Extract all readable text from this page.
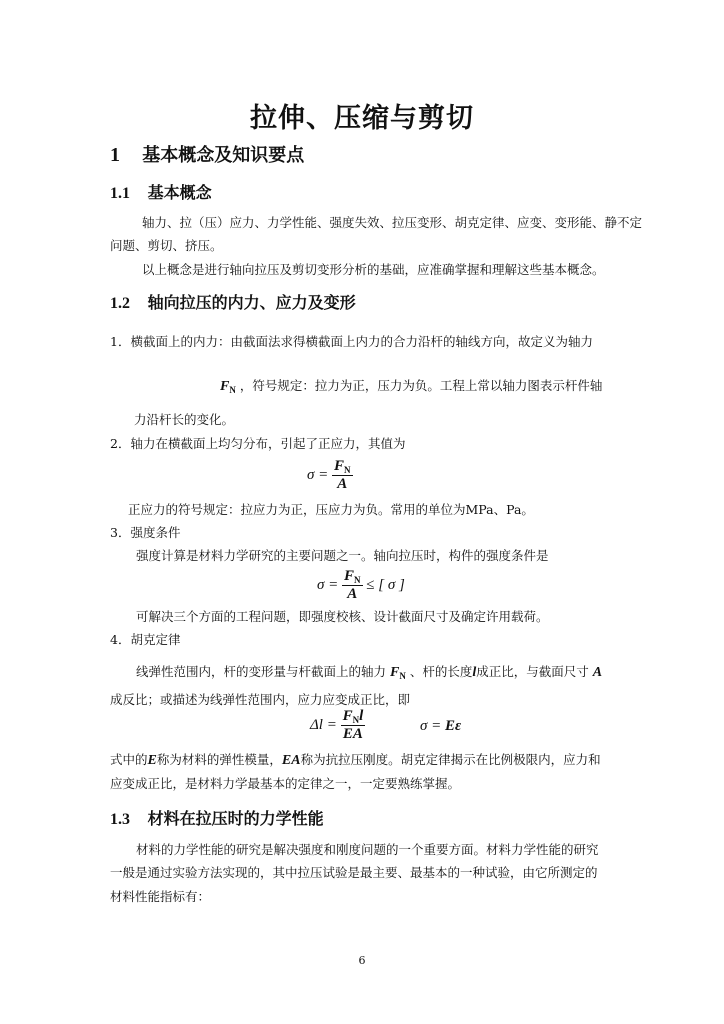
拉伸、压缩与剪切
1 基本概念及知识要点
1.1 基本概念
轴力、拉（压）应力、力学性能、强度失效、拉压变形、胡克定律、应变、变形能、静不定
问题、剪切、挤压。
以上概念是进行轴向拉压及剪切变形分析的基础，应准确掌握和理解这些基本概念。
1.2 轴向拉压的内力、应力及变形
1．横截面上的内力：由截面法求得横截面上内力的合力沿杆的轴线方向，故定义为轴力
$F_N$ ，符号规定：拉力为正，压力为负。工程上常以轴力图表示杆件轴
力沿杆长的变化。
2．轴力在横截面上均匀分布，引起了正应力，其值为
$\sigma = \frac{F_N}{A}$
正应力的符号规定：拉应力为正，压应力为负。常用的单位为MPa、Pa。
3．强度条件
强度计算是材料力学研究的主要问题之一。轴向拉压时，构件的强度条件是
$\sigma = \frac{F_N}{A}$ ≤ [ σ ]
可解决三个方面的工程问题，即强度校核、设计截面尺寸及确定许用载荷。
4．胡克定律
线弹性范围内，杆的变形量与杆截面上的轴力 $F_N$ 、杆的长度l成正比，与截面尺寸 A
成反比；或描述为线弹性范围内，应力应变成正比，即
$\Delta l = \frac{F_Nl}{EA}$	σ = Eε
式中的E称为材料的弹性模量，EA称为抗拉压刚度。胡克定律揭示在比例极限内，应力和
应变成正比，是材料力学最基本的定律之一，一定要熟练掌握。
1.3 材料在拉压时的力学性能
材料的力学性能的研究是解决强度和刚度问题的一个重要方面。材料力学性能的研究
一般是通过实验方法实现的，其中拉压试验是最主要、最基本的一种试验，由它所测定的
材料性能指标有：
6
